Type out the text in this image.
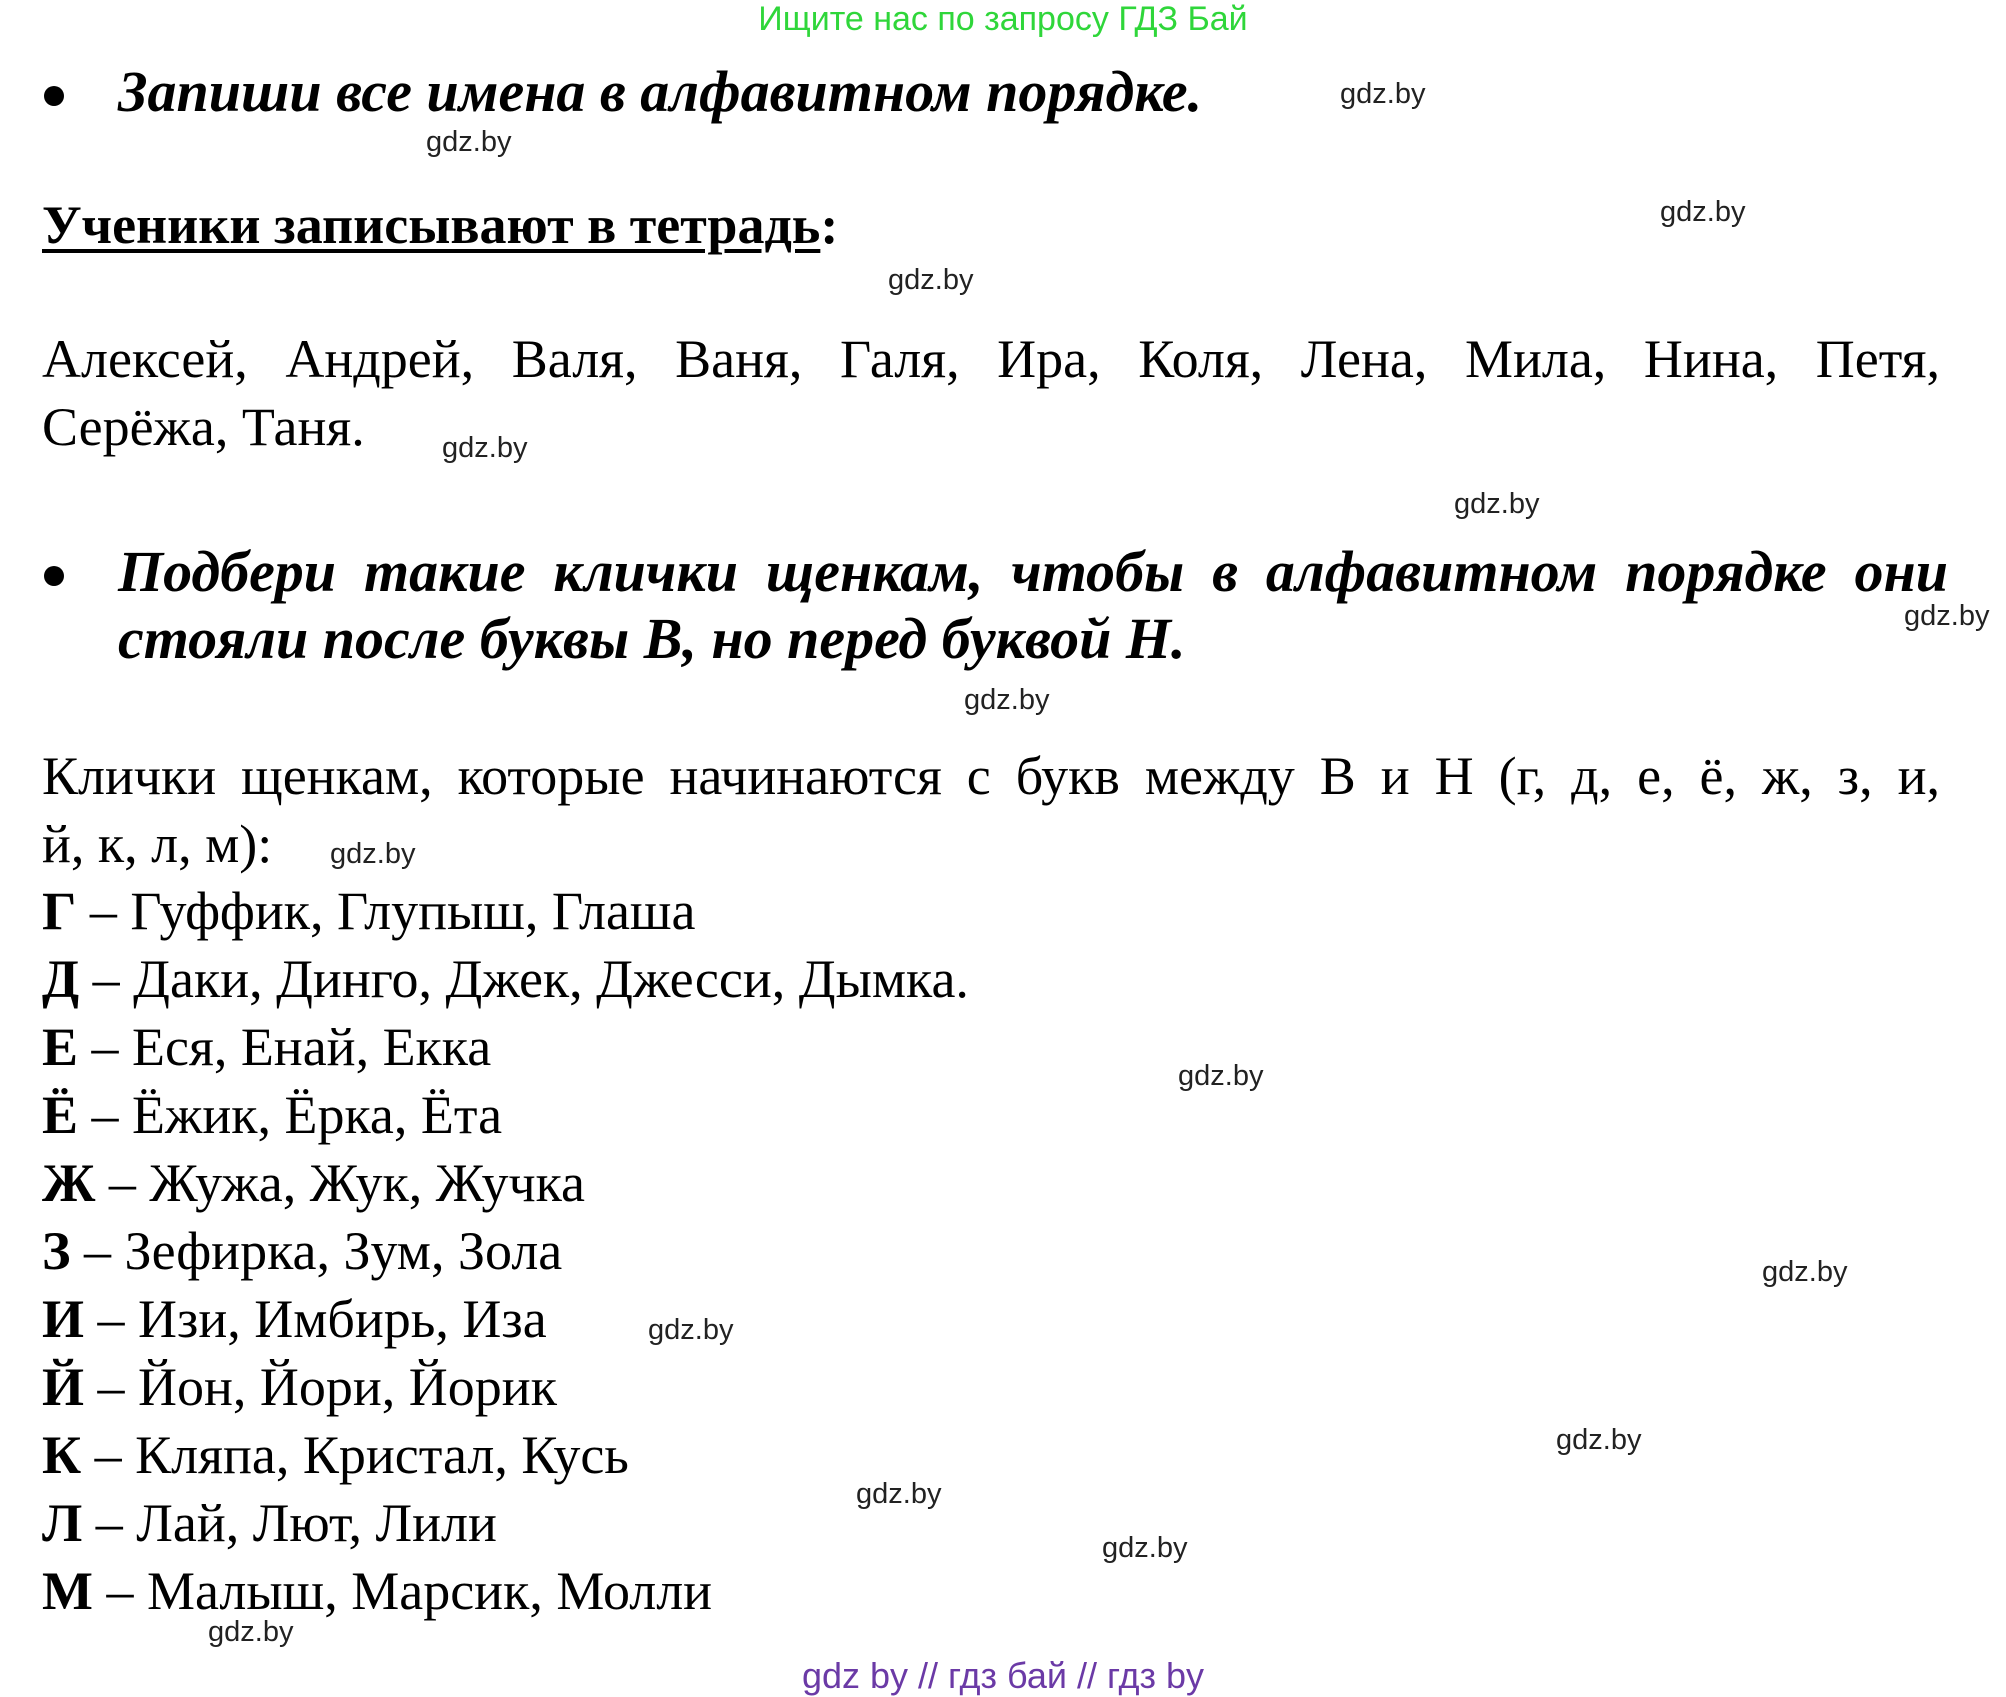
Ищите нас по запросу ГДЗ Бай
Запиши все имена в алфавитном порядке.
Ученики записывают в тетрадь:
Алексей, Андрей, Валя, Ваня, Галя, Ира, Коля, Лена, Мила, Нина, Петя,
Серёжа, Таня.
Подбери такие клички щенкам, чтобы в алфавитном порядке они
стояли после буквы В, но перед буквой Н.
Клички щенкам, которые начинаются с букв между В и Н (г, д, е, ё, ж, з, и,
й, к, л, м):
Г – Гуффик, Глупыш, Глаша
Д – Даки, Динго, Джек, Джесси, Дымка.
Е – Еся, Енай, Екка
Ё – Ёжик, Ёрка, Ёта
Ж – Жужа, Жук, Жучка
З – Зефирка, Зум, Зола
И – Изи, Имбирь, Иза
Й – Йон, Йори, Йорик
К – Кляпа, Кристал, Кусь
Л – Лай, Лют, Лили
М – Малыш, Марсик, Молли
gdz.by
gdz.by
gdz.by
gdz.by
gdz.by
gdz.by
gdz.by
gdz.by
gdz.by
gdz.by
gdz.by
gdz.by
gdz.by
gdz.by
gdz.by
gdz.by
gdz by // гдз бай // гдз by
